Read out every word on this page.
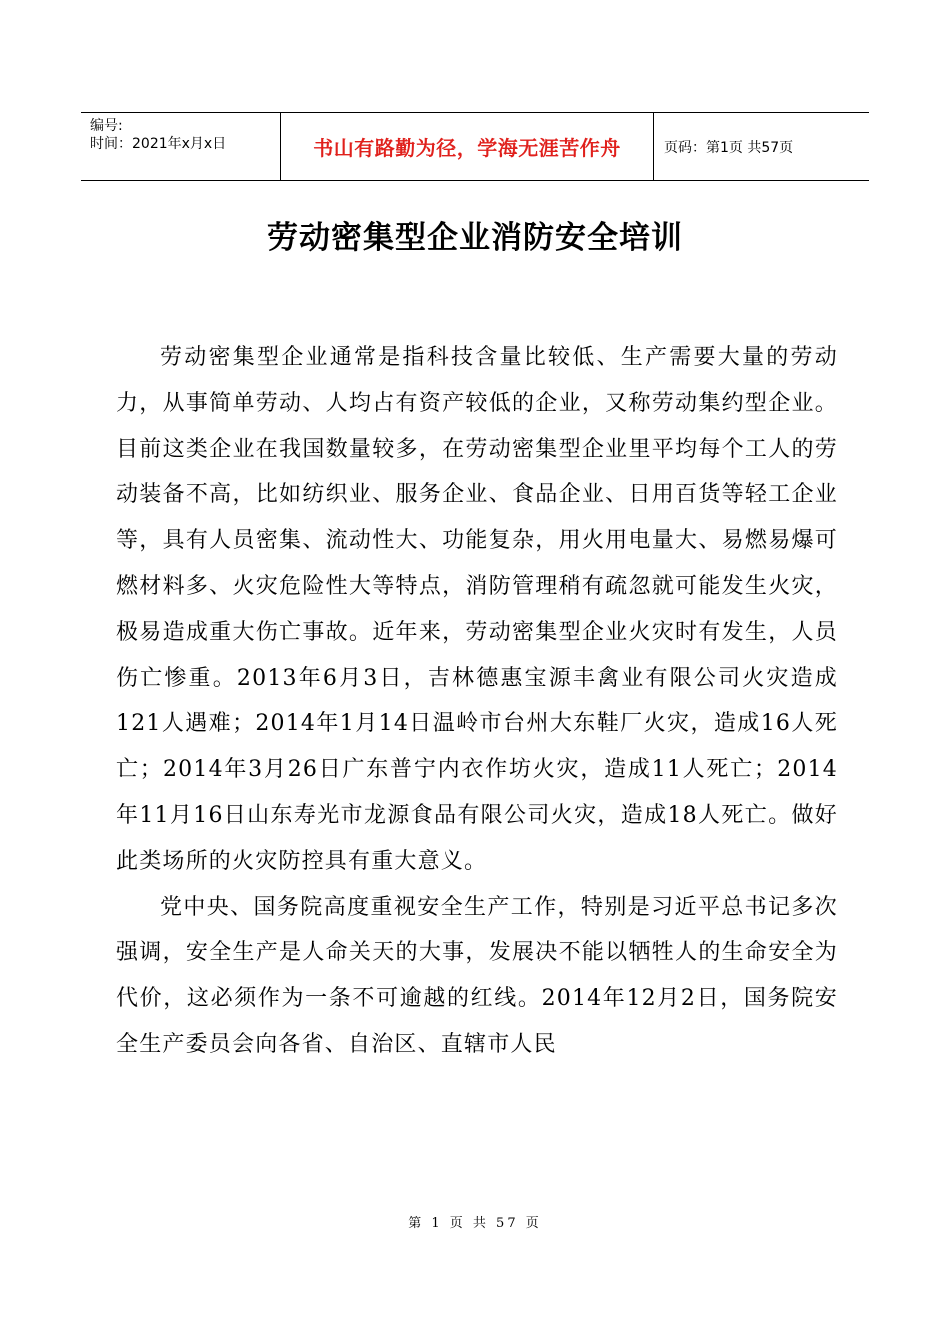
编号:
时间：2021年x月x日	书山有路勤为径，学海无涯苦作舟	页码：第1页 共57页
劳动密集型企业消防安全培训

劳动密集型企业通常是指科技含量比较低、生产需要大量的劳动力，从事简单劳动、人均占有资产较低的企业，又称劳动集约型企业。目前这类企业在我国数量较多，在劳动密集型企业里平均每个工人的劳动装备不高，比如纺织业、服务企业、食品企业、日用百货等轻工企业等，具有人员密集、流动性大、功能复杂，用火用电量大、易燃易爆可燃材料多、火灾危险性大等特点，消防管理稍有疏忽就可能发生火灾，极易造成重大伤亡事故。近年来，劳动密集型企业火灾时有发生，人员伤亡惨重。2013年6月3日，吉林德惠宝源丰禽业有限公司火灾造成121人遇难；2014年1月14日温岭市台州大东鞋厂火灾，造成16人死亡；2014年3月26日广东普宁内衣作坊火灾，造成11人死亡；2014年11月16日山东寿光市龙源食品有限公司火灾，造成18人死亡。做好此类场所的火灾防控具有重大意义。

党中央、国务院高度重视安全生产工作，特别是习近平总书记多次强调，安全生产是人命关天的大事，发展决不能以牺牲人的生命安全为代价，这必须作为一条不可逾越的红线。2014年12月2日，国务院安全生产委员会向各省、自治区、直辖市人民

第 1 页 共 57 页
